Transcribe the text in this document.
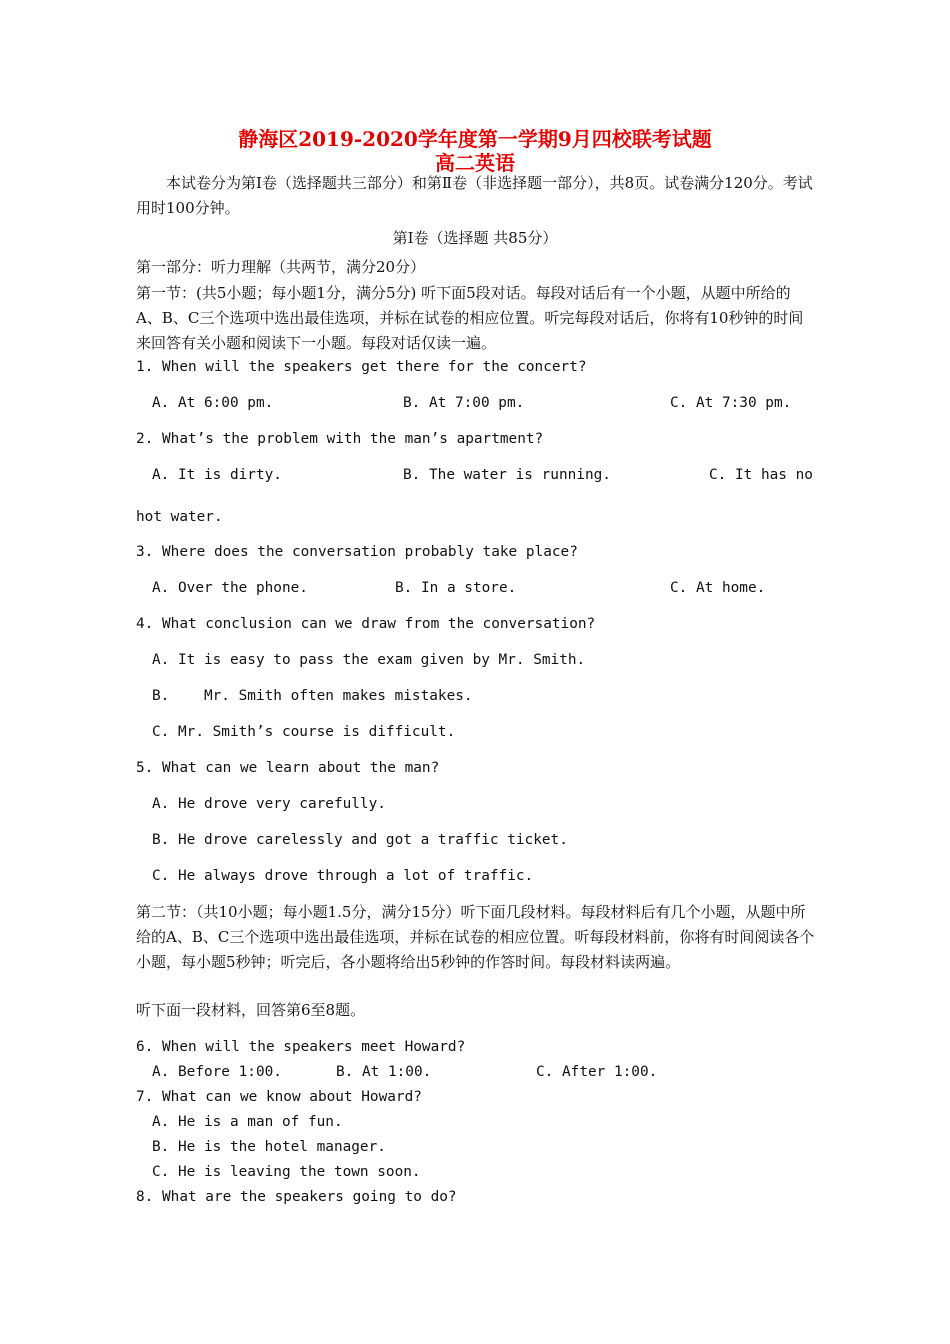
静海区2019-2020学年度第一学期9月四校联考试题
高二英语
本试卷分为第Ⅰ卷（选择题共三部分）和第Ⅱ卷（非选择题一部分），共8页。试卷满分120分。考试用时100分钟。
第Ⅰ卷（选择题 共85分）
第一部分：听力理解（共两节，满分20分）
第一节：(共5小题；每小题1分，满分5分) 听下面5段对话。每段对话后有一个小题，从题中所给的A、B、C三个选项中选出最佳选项，并标在试卷的相应位置。听完每段对话后，你将有10秒钟的时间来回答有关小题和阅读下一小题。每段对话仅读一遍。
1. When will the speakers get there for the concert?
A. At 6:00 pm.	B. At 7:00 pm.	C. At 7:30 pm.
2. What’s the problem with the man’s apartment?
A. It is dirty.	B. The water is running.	C. It has no
hot water.
3. Where does the conversation probably take place?
A. Over the phone.	B. In a store.	C. At home.
4. What conclusion can we draw from the conversation?
A. It is easy to pass the exam given by Mr. Smith.
B.    Mr. Smith often makes mistakes.
C. Mr. Smith’s course is difficult.
5. What can we learn about the man?
A. He drove very carefully.
B. He drove carelessly and got a traffic ticket.
C. He always drove through a lot of traffic.
第二节：（共10小题；每小题1.5分，满分15分）听下面几段材料。每段材料后有几个小题，从题中所给的A、B、C三个选项中选出最佳选项，并标在试卷的相应位置。听每段材料前，你将有时间阅读各个小题，每小题5秒钟；听完后，各小题将给出5秒钟的作答时间。每段材料读两遍。
听下面一段材料，回答第6至8题。
6. When will the speakers meet Howard?
A. Before 1:00.	B. At 1:00.	C. After 1:00.
7. What can we know about Howard?
A. He is a man of fun.
B. He is the hotel manager.
C. He is leaving the town soon.
8. What are the speakers going to do?
